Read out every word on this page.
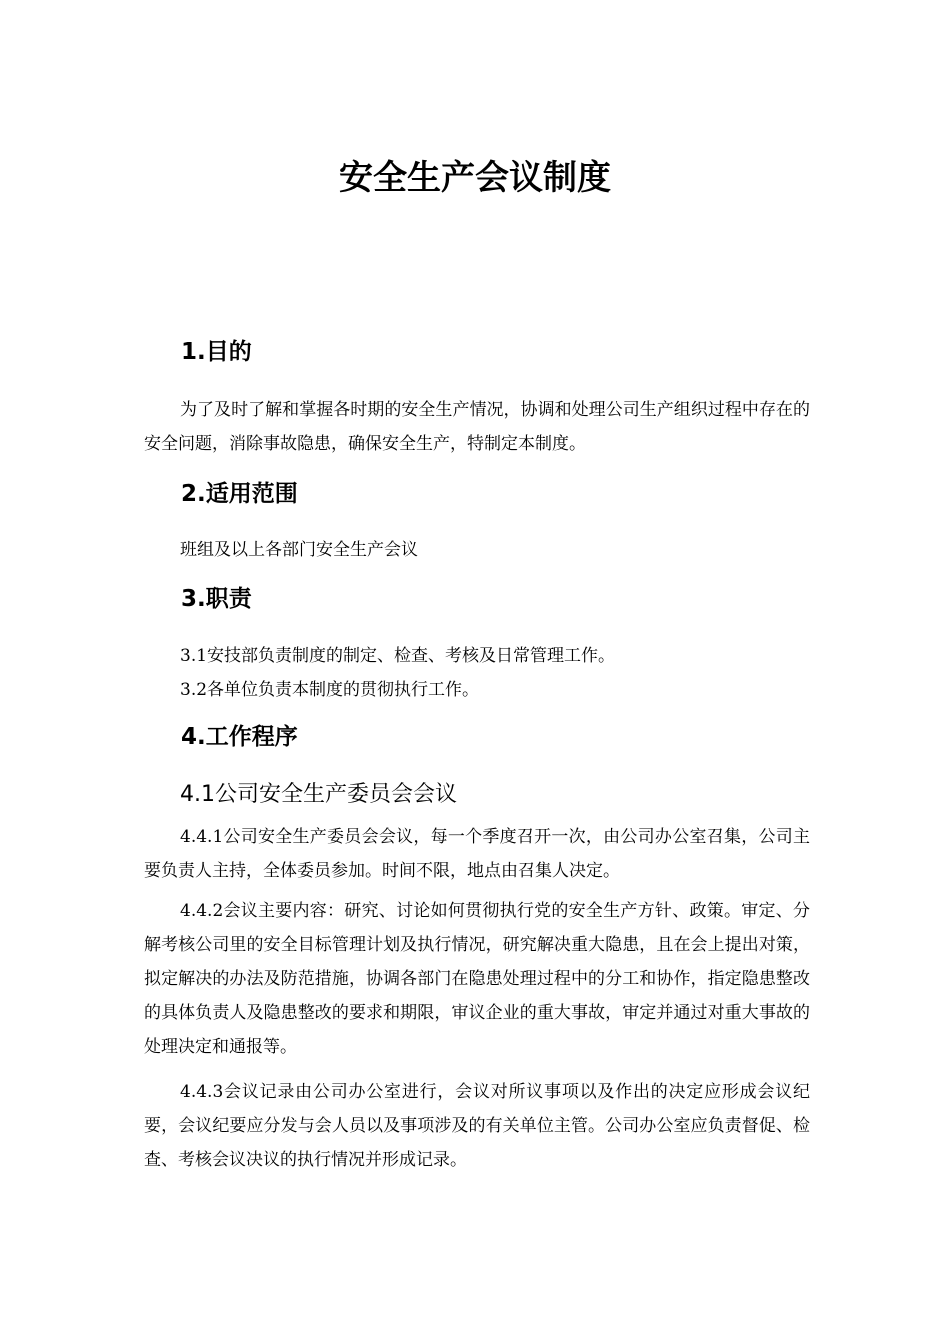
安全生产会议制度
1.目的
为了及时了解和掌握各时期的安全生产情况，协调和处理公司生产组织过程中存在的安全问题，消除事故隐患，确保安全生产，特制定本制度。
2.适用范围
班组及以上各部门安全生产会议
3.职责
3.1安技部负责制度的制定、检查、考核及日常管理工作。
3.2各单位负责本制度的贯彻执行工作。
4.工作程序
4.1公司安全生产委员会会议
4.4.1公司安全生产委员会会议，每一个季度召开一次，由公司办公室召集，公司主要负责人主持，全体委员参加。时间不限，地点由召集人决定。
4.4.2会议主要内容：研究、讨论如何贯彻执行党的安全生产方针、政策。审定、分解考核公司里的安全目标管理计划及执行情况，研究解决重大隐患，且在会上提出对策，拟定解决的办法及防范措施，协调各部门在隐患处理过程中的分工和协作，指定隐患整改的具体负责人及隐患整改的要求和期限，审议企业的重大事故，审定并通过对重大事故的处理决定和通报等。
4.4.3会议记录由公司办公室进行，会议对所议事项以及作出的决定应形成会议纪要，会议纪要应分发与会人员以及事项涉及的有关单位主管。公司办公室应负责督促、检查、考核会议决议的执行情况并形成记录。
